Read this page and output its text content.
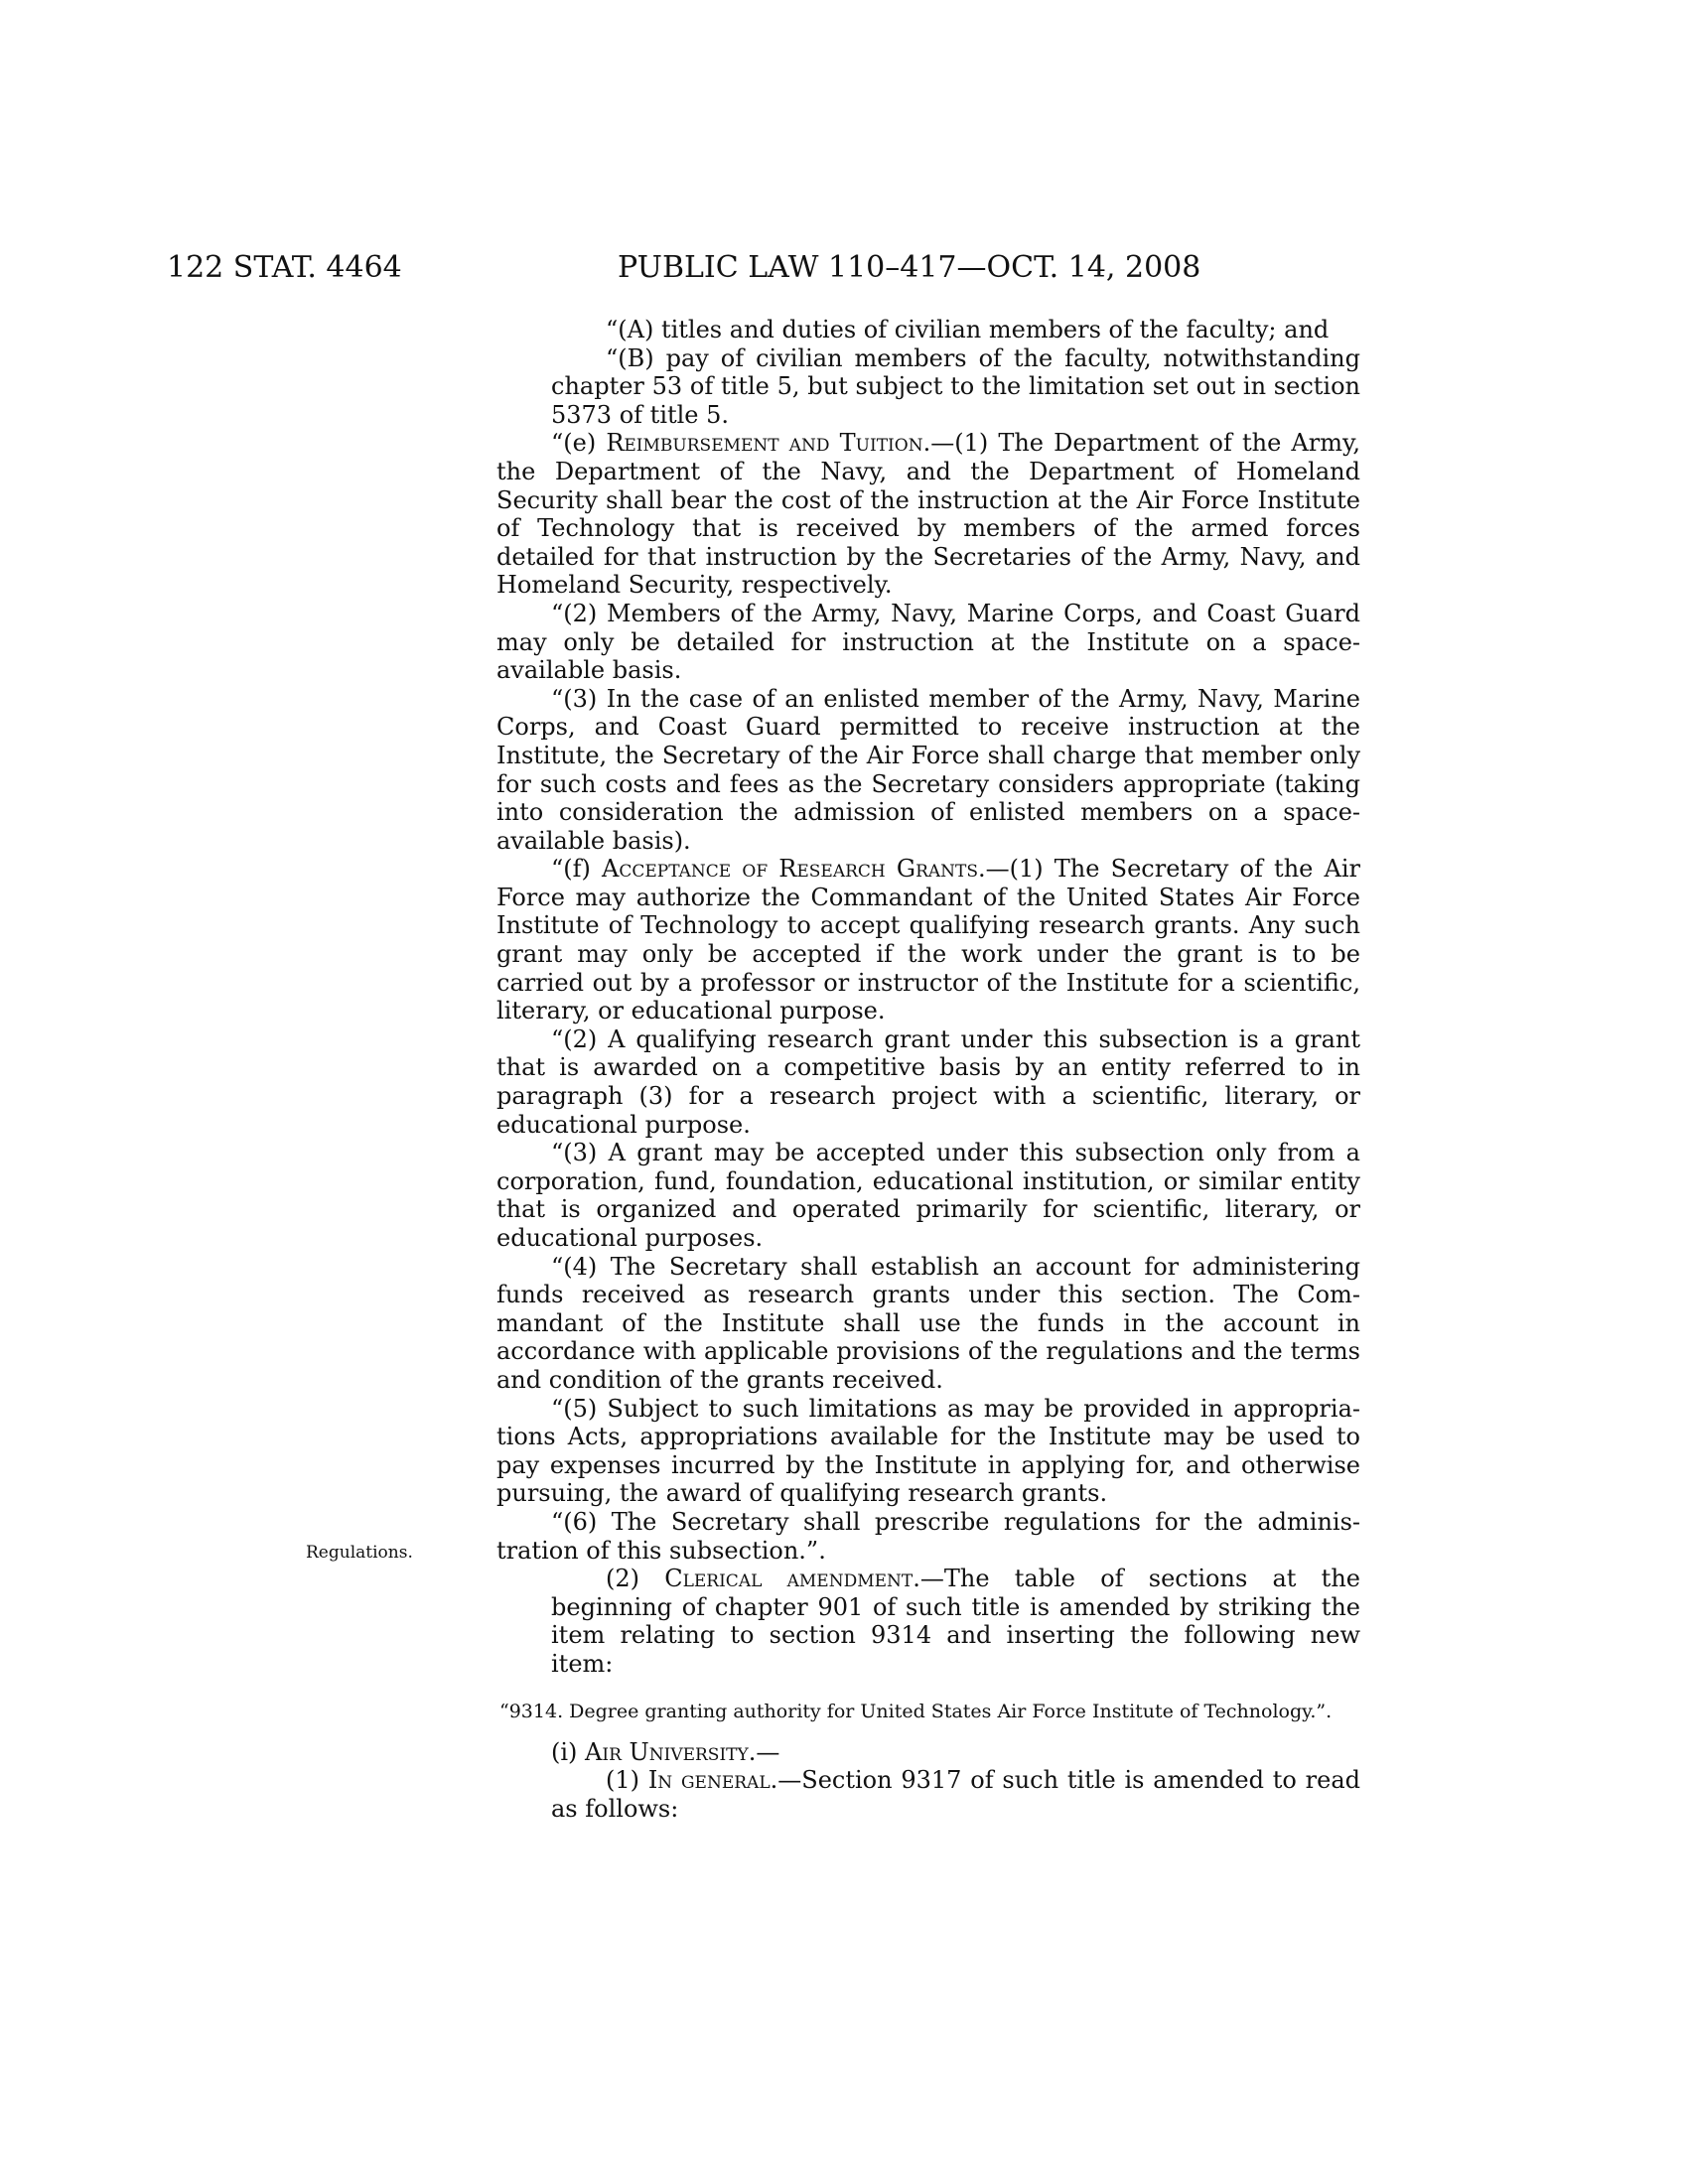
122 STAT. 4464	PUBLIC LAW 110–417—OCT. 14, 2008
Regulations.

“(A) titles and duties of civilian members of the faculty; and

“(B) pay of civilian members of the faculty, notwithstanding chapter 53 of title 5, but subject to the limitation set out in section 5373 of title 5.

“(e) Reimbursement and Tuition.—(1) The Department of the Army, the Department of the Navy, and the Department of Homeland Security shall bear the cost of the instruction at the Air Force Institute of Technology that is received by members of the armed forces detailed for that instruction by the Secretaries of the Army, Navy, and Homeland Security, respectively.

“(2) Members of the Army, Navy, Marine Corps, and Coast Guard may only be detailed for instruction at the Institute on a space-available basis.

“(3) In the case of an enlisted member of the Army, Navy, Marine Corps, and Coast Guard permitted to receive instruction at the Institute, the Secretary of the Air Force shall charge that member only for such costs and fees as the Secretary considers appropriate (taking into consideration the admission of enlisted members on a space-available basis).

“(f) Acceptance of Research Grants.—(1) The Secretary of the Air Force may authorize the Commandant of the United States Air Force Institute of Technology to accept qualifying research grants. Any such grant may only be accepted if the work under the grant is to be carried out by a professor or instructor of the Institute for a scientific, literary, or educational purpose.

“(2) A qualifying research grant under this subsection is a grant that is awarded on a competitive basis by an entity referred to in paragraph (3) for a research project with a scientific, literary, or educational purpose.

“(3) A grant may be accepted under this subsection only from a corporation, fund, foundation, educational institution, or similar entity that is organized and operated primarily for scientific, literary, or educational purposes.

“(4) The Secretary shall establish an account for administering funds received as research grants under this section. The Commandant of the Institute shall use the funds in the account in accordance with applicable provisions of the regulations and the terms and condition of the grants received.

“(5) Subject to such limitations as may be provided in appropriations Acts, appropriations available for the Institute may be used to pay expenses incurred by the Institute in applying for, and otherwise pursuing, the award of qualifying research grants.

“(6) The Secretary shall prescribe regulations for the administration of this subsection.”.

(2) Clerical amendment.—The table of sections at the beginning of chapter 901 of such title is amended by striking the item relating to section 9314 and inserting the following new item:

“9314. Degree granting authority for United States Air Force Institute of Technology.”.

(i) Air University.—

(1) In general.—Section 9317 of such title is amended to read as follows:
